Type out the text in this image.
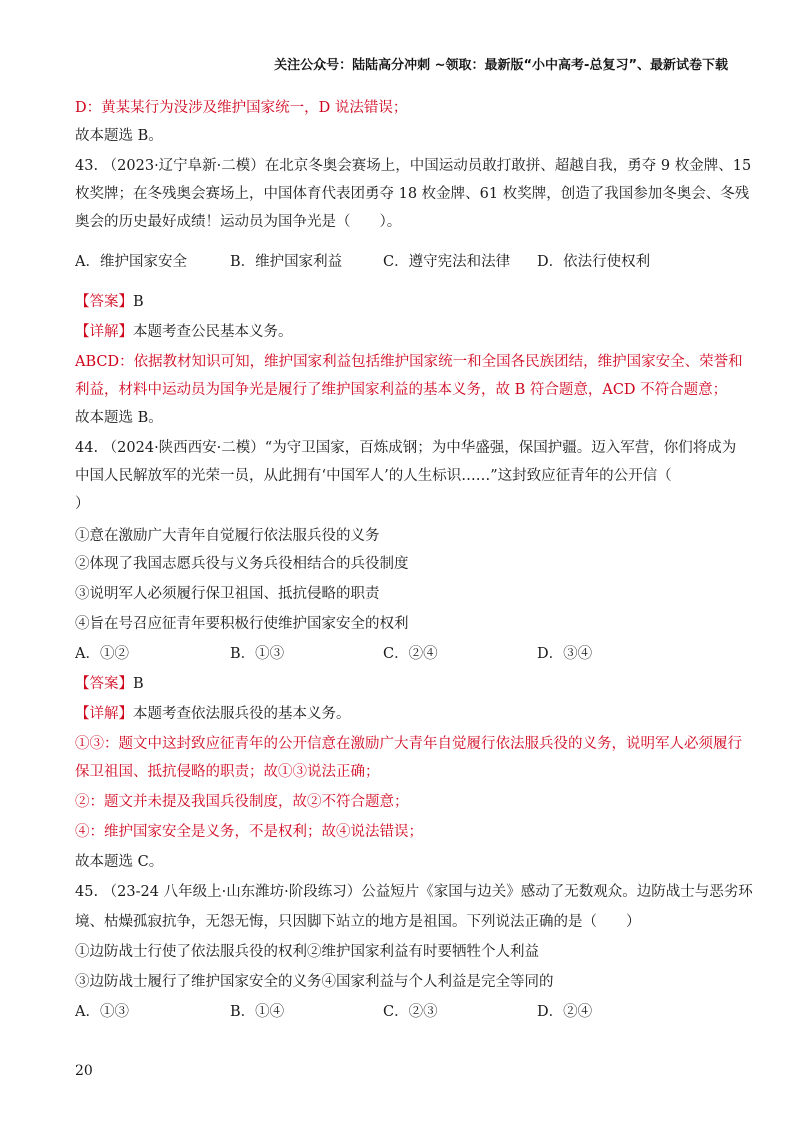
关注公众号：陆陆高分冲刺 ~领取：最新版“小中高考-总复习”、最新试卷下载
D：黄某某行为没涉及维护国家统一，D 说法错误；
故本题选 B。
43. （2023·辽宁阜新·二模）在北京冬奥会赛场上，中国运动员敢打敢拼、超越自我，勇夺 9 枚金牌、15
枚奖牌；在冬残奥会赛场上，中国体育代表团勇夺 18 枚金牌、61 枚奖牌，创造了我国参加冬奥会、冬残
奥会的历史最好成绩！运动员为国争光是（　　）。
A．维护国家安全	B．维护国家利益	C．遵守宪法和法律 D．依法行使权利
【答案】B
【详解】本题考查公民基本义务。
ABCD：依据教材知识可知，维护国家利益包括维护国家统一和全国各民族团结，维护国家安全、荣誉和
利益，材料中运动员为国争光是履行了维护国家利益的基本义务，故 B 符合题意，ACD 不符合题意；
故本题选 B。
44. （2024·陕西西安·二模）“为守卫国家，百炼成钢；为中华盛强，保国护疆。迈入军营，你们将成为
中国人民解放军的光荣一员，从此拥有‘中国军人’的人生标识……”这封致应征青年的公开信（
）
①意在激励广大青年自觉履行依法服兵役的义务
②体现了我国志愿兵役与义务兵役相结合的兵役制度
③说明军人必须履行保卫祖国、抵抗侵略的职责
④旨在号召应征青年要积极行使维护国家安全的权利
A．①②	B．①③	C．②④	D．③④
【答案】B
【详解】本题考查依法服兵役的基本义务。
①③：题文中这封致应征青年的公开信意在激励广大青年自觉履行依法服兵役的义务，说明军人必须履行
保卫祖国、抵抗侵略的职责；故①③说法正确；
②：题文并未提及我国兵役制度，故②不符合题意；
④：维护国家安全是义务，不是权利；故④说法错误；
故本题选 C。
45. （23-24 八年级上·山东潍坊·阶段练习）公益短片《家国与边关》感动了无数观众。边防战士与恶劣环
境、枯燥孤寂抗争，无怨无悔，只因脚下站立的地方是祖国。下列说法正确的是（　　）
①边防战士行使了依法服兵役的权利②维护国家利益有时要牺牲个人利益
③边防战士履行了维护国家安全的义务④国家利益与个人利益是完全等同的
A．①③	B．①④	C．②③	D．②④
20
